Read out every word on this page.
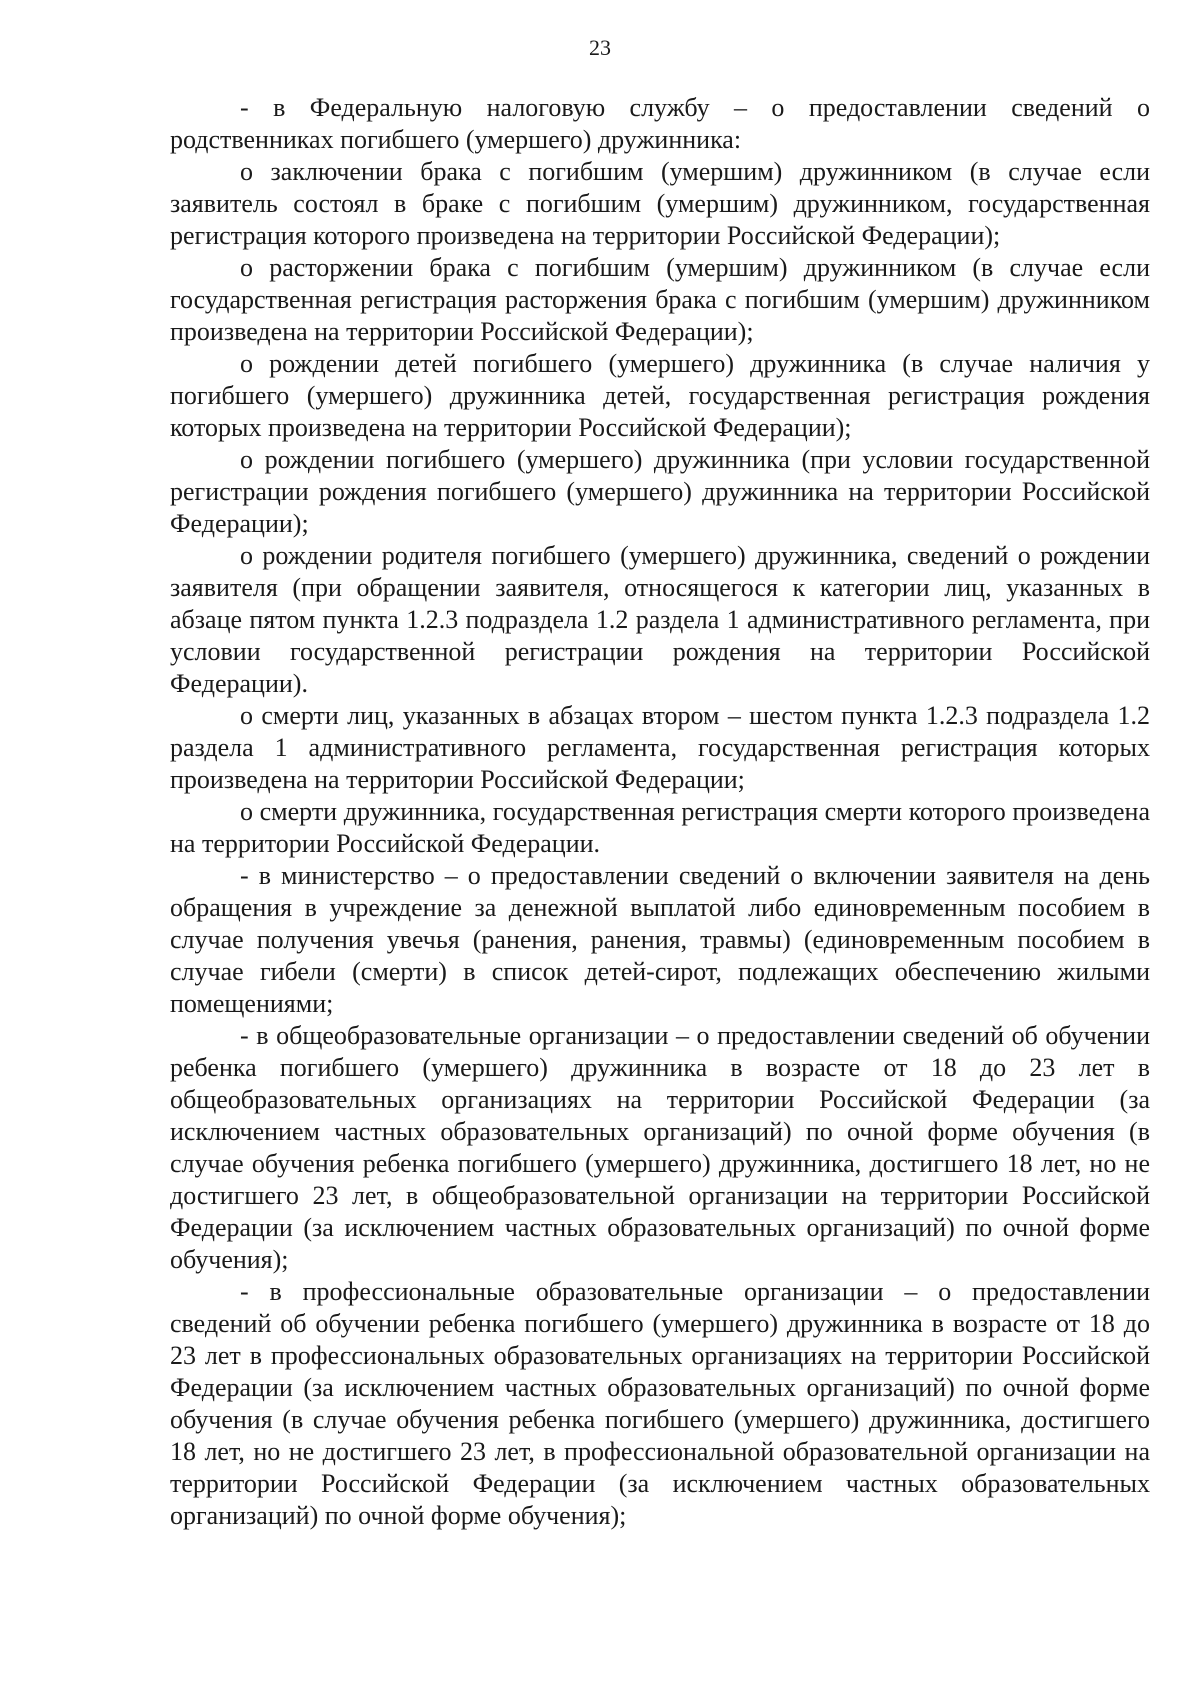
23

- в Федеральную налоговую службу – о предоставлении сведений о родственниках погибшего (умершего) дружинника:

о заключении брака с погибшим (умершим) дружинником (в случае если заявитель состоял в браке с погибшим (умершим) дружинником, государственная регистрация которого произведена на территории Российской Федерации);

о расторжении брака с погибшим (умершим) дружинником (в случае если государственная регистрация расторжения брака с погибшим (умершим) дружинником произведена на территории Российской Федерации);

о рождении детей погибшего (умершего) дружинника (в случае наличия у погибшего (умершего) дружинника детей, государственная регистрация рождения которых произведена на территории Российской Федерации);

о рождении погибшего (умершего) дружинника (при условии государственной регистрации рождения погибшего (умершего) дружинника на территории Российской Федерации);

о рождении родителя погибшего (умершего) дружинника, сведений о рождении заявителя (при обращении заявителя, относящегося к категории лиц, указанных в абзаце пятом пункта 1.2.3 подраздела 1.2 раздела 1 административного регламента, при условии государственной регистрации рождения на территории Российской Федерации).

о смерти лиц, указанных в абзацах втором – шестом пункта 1.2.3 подраздела 1.2 раздела 1 административного регламента, государственная регистрация которых произведена на территории Российской Федерации;

о смерти дружинника, государственная регистрация смерти которого произведена на территории Российской Федерации.

- в министерство – о предоставлении сведений о включении заявителя на день обращения в учреждение за денежной выплатой либо единовременным пособием в случае получения увечья (ранения, ранения, травмы) (единовременным пособием в случае гибели (смерти) в список детей-сирот, подлежащих обеспечению жилыми помещениями;

- в общеобразовательные организации – о предоставлении сведений об обучении ребенка погибшего (умершего) дружинника в возрасте от 18 до 23 лет в общеобразовательных организациях на территории Российской Федерации (за исключением частных образовательных организаций) по очной форме обучения (в случае обучения ребенка погибшего (умершего) дружинника, достигшего 18 лет, но не достигшего 23 лет, в общеобразовательной организации на территории Российской Федерации (за исключением частных образовательных организаций) по очной форме обучения);

- в профессиональные образовательные организации – о предоставлении сведений об обучении ребенка погибшего (умершего) дружинника в возрасте от 18 до 23 лет в профессиональных образовательных организациях на территории Российской Федерации (за исключением частных образовательных организаций) по очной форме обучения (в случае обучения ребенка погибшего (умершего) дружинника, достигшего 18 лет, но не достигшего 23 лет, в профессиональной образовательной организации на территории Российской Федерации (за исключением частных образовательных организаций) по очной форме обучения);
